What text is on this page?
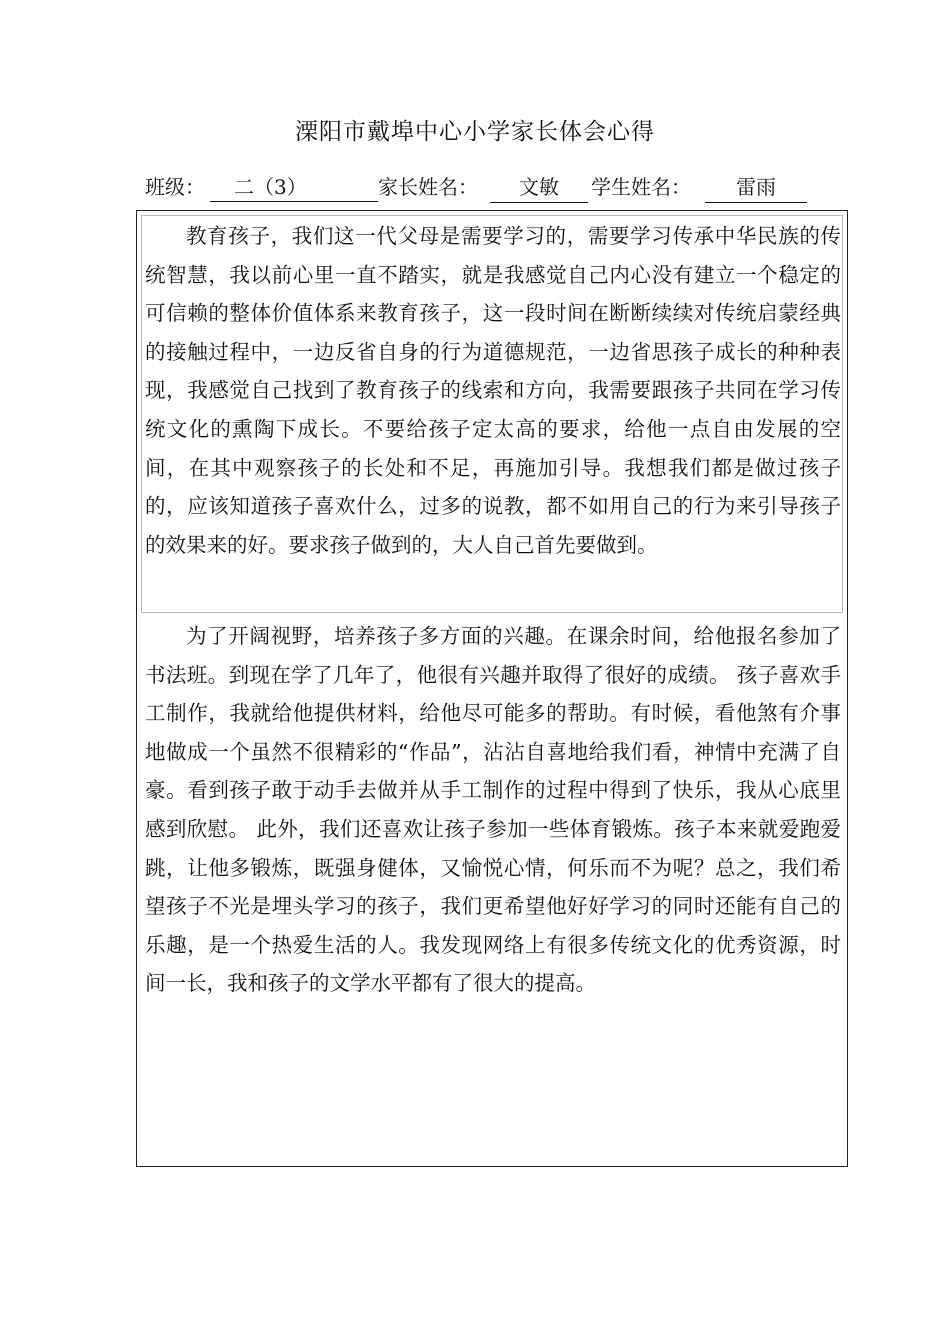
溧阳市戴埠中心小学家长体会心得
班级：	二（3）	家长姓名：	文敏	学生姓名：	雷雨

教育孩子，我们这一代父母是需要学习的，需要学习传承中华民族的传统智慧，我以前心里一直不踏实，就是我感觉自己内心没有建立一个稳定的可信赖的整体价值体系来教育孩子，这一段时间在断断续续对传统启蒙经典的接触过程中，一边反省自身的行为道德规范，一边省思孩子成长的种种表现，我感觉自己找到了教育孩子的线索和方向，我需要跟孩子共同在学习传统文化的熏陶下成长。不要给孩子定太高的要求，给他一点自由发展的空间，在其中观察孩子的长处和不足，再施加引导。我想我们都是做过孩子的，应该知道孩子喜欢什么，过多的说教，都不如用自己的行为来引导孩子的效果来的好。要求孩子做到的，大人自己首先要做到。

为了开阔视野，培养孩子多方面的兴趣。在课余时间，给他报名参加了书法班。到现在学了几年了，他很有兴趣并取得了很好的成绩。 孩子喜欢手工制作，我就给他提供材料，给他尽可能多的帮助。有时候，看他煞有介事地做成一个虽然不很精彩的“作品”，沾沾自喜地给我们看，神情中充满了自豪。看到孩子敢于动手去做并从手工制作的过程中得到了快乐，我从心底里感到欣慰。 此外，我们还喜欢让孩子参加一些体育锻炼。孩子本来就爱跑爱跳，让他多锻炼，既强身健体，又愉悦心情，何乐而不为呢？总之，我们希望孩子不光是埋头学习的孩子，我们更希望他好好学习的同时还能有自己的乐趣，是一个热爱生活的人。我发现网络上有很多传统文化的优秀资源，时间一长，我和孩子的文学水平都有了很大的提高。
